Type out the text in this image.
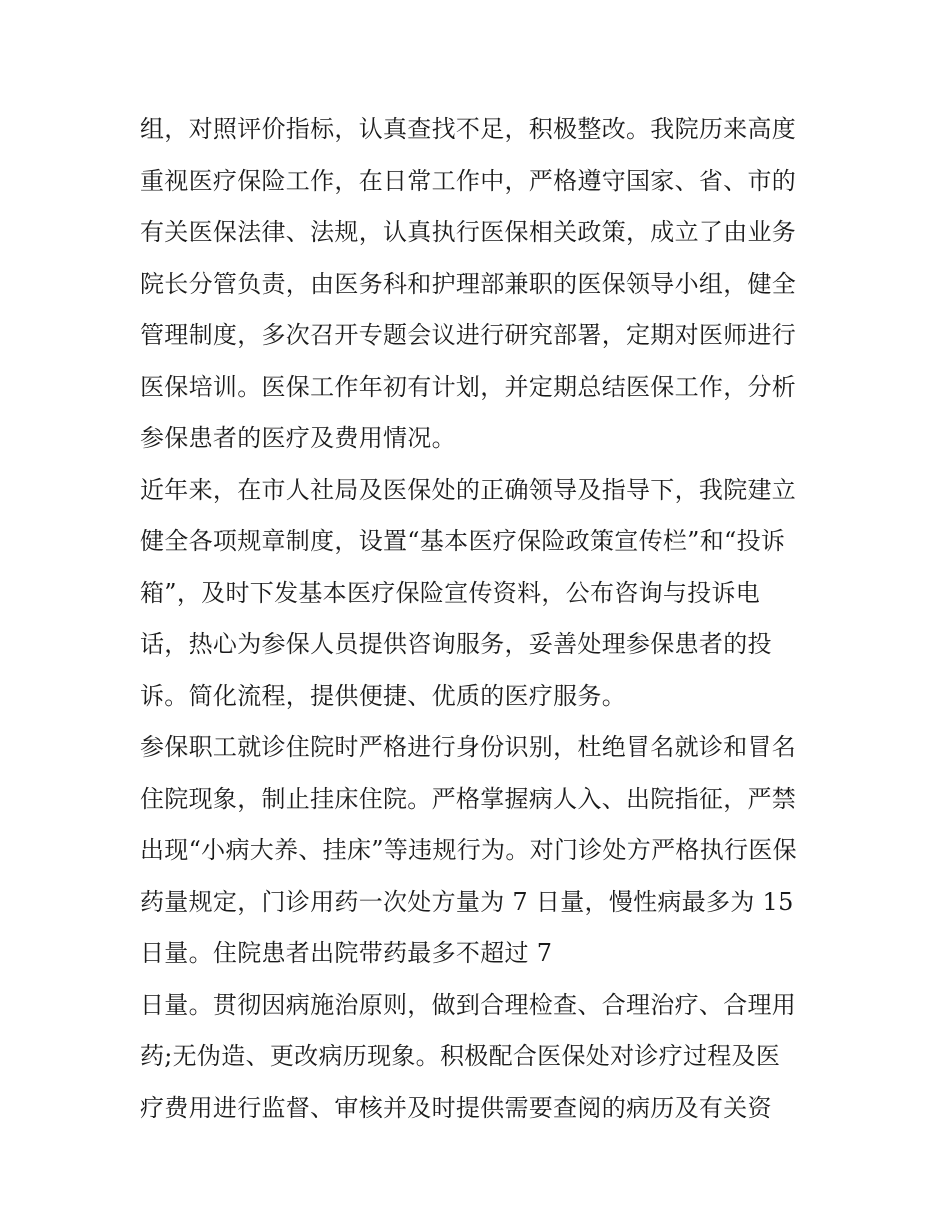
组，对照评价指标，认真查找不足，积极整改。我院历来高度
重视医疗保险工作，在日常工作中，严格遵守国家、省、市的
有关医保法律、法规，认真执行医保相关政策，成立了由业务
院长分管负责，由医务科和护理部兼职的医保领导小组，健全
管理制度，多次召开专题会议进行研究部署，定期对医师进行
医保培训。医保工作年初有计划，并定期总结医保工作，分析
参保患者的医疗及费用情况。
近年来，在市人社局及医保处的正确领导及指导下，我院建立
健全各项规章制度，设置“基本医疗保险政策宣传栏”和“投诉
箱”，及时下发基本医疗保险宣传资料，公布咨询与投诉电
话，热心为参保人员提供咨询服务，妥善处理参保患者的投
诉。简化流程，提供便捷、优质的医疗服务。
参保职工就诊住院时严格进行身份识别，杜绝冒名就诊和冒名
住院现象，制止挂床住院。严格掌握病人入、出院指征，严禁
出现“小病大养、挂床”等违规行为。对门诊处方严格执行医保
药量规定，门诊用药一次处方量为 7 日量，慢性病最多为 15
日量。住院患者出院带药最多不超过 7
日量。贯彻因病施治原则，做到合理检查、合理治疗、合理用
药;无伪造、更改病历现象。积极配合医保处对诊疗过程及医
疗费用进行监督、审核并及时提供需要查阅的病历及有关资
